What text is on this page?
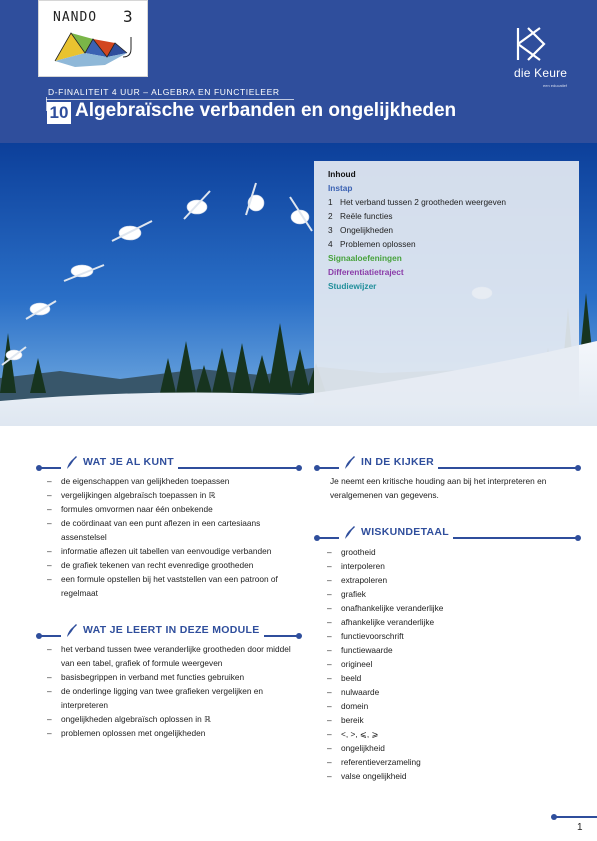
NANDO 3
die Keure
een educatief
D-FINALITEIT 4 UUR – ALGEBRA EN FUNCTIELEER
10 Algebraïsche verbanden en ongelijkheden
Inhoud
Instap
1 Het verband tussen 2 grootheden weergeven
2 Reële functies
3 Ongelijkheden
4 Problemen oplossen
Signaaloefeningen
Differentiatietraject
Studiewijzer
WAT JE AL KUNT
– de eigenschappen van gelijkheden toepassen
– vergelijkingen algebraïsch toepassen in ℝ
– formules omvormen naar één onbekende
– de coördinaat van een punt aflezen in een cartesiaans assenstelsel
– informatie aflezen uit tabellen van eenvoudige verbanden
– de grafiek tekenen van recht evenredige grootheden
– een formule opstellen bij het vaststellen van een patroon of regelmaat
WAT JE LEERT IN DEZE MODULE
– het verband tussen twee veranderlijke grootheden door middel van een tabel, grafiek of formule weergeven
– basisbegrippen in verband met functies gebruiken
– de onderlinge ligging van twee grafieken vergelijken en interpreteren
– ongelijkheden algebraïsch oplossen in ℝ
– problemen oplossen met ongelijkheden
IN DE KIJKER
Je neemt een kritische houding aan bij het interpreteren en veralgemenen van gegevens.
WISKUNDETAAL
– grootheid
– interpoleren
– extrapoleren
– grafiek
– onafhankelijke veranderlijke
– afhankelijke veranderlijke
– functievoorschrift
– functiewaarde
– origineel
– beeld
– nulwaarde
– domein
– bereik
– <, >, ⩽, ⩾
– ongelijkheid
– referentieverzameling
– valse ongelijkheid
1
